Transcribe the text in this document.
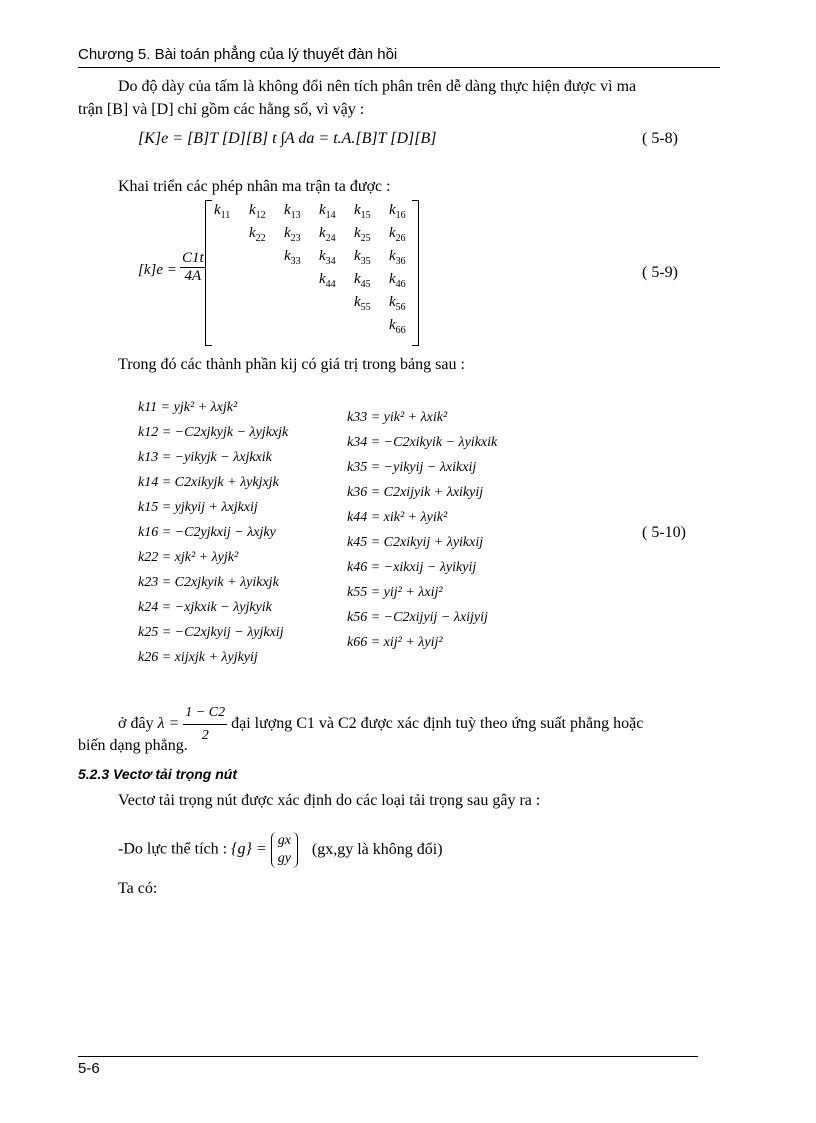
Chương 5. Bài toán phẳng của lý thuyết đàn hồi
Do độ dày của tấm là không đổi nên tích phân trên dễ dàng thực hiện được vì ma
trận [B] và [D] chỉ gồm các hằng số, vì vậy :
[K]e = [B]T [D][B] t ∫A da = t.A.[B]T [D][B]	( 5-8)
Khai triển các phép nhân ma trận ta được :
$[k]e = \frac{C1t}{4A}$
$k_{11}$ $k_{12}$ $k_{13}$ $k_{14}$ $k_{15}$ $k_{16}$
$k_{22}$ $k_{23}$ $k_{24}$ $k_{25}$ $k_{26}$
$k_{33}$ $k_{34}$ $k_{35}$ $k_{36}$
$k_{44}$ $k_{45}$ $k_{46}$
$k_{55}$ $k_{56}$
$k_{66}$
( 5-9)
Trong đó các thành phần kij có giá trị trong bảng sau :
k11 = yjk² + λxjk²
k12 = −C2xjkyjk − λyjkxjk
k13 = −yikyjk − λxjkxik
k14 = C2xikyjk + λykjxjk
k15 = yjkyij + λxjkxij
k16 = −C2yjkxij − λxjky
k22 = xjk² + λyjk²
k23 = C2xjkyik + λyikxjk
k24 = −xjkxik − λyjkyik
k25 = −C2xjkyij − λyjkxij
k26 = xijxjk + λyjkyij
k33 = yik² + λxik²
k34 = −C2xikyik − λyikxik
k35 = −yikyij − λxikxij
k36 = C2xijyik + λxikyij
k44 = xik² + λyik²
k45 = C2xikyij + λyikxij
k46 = −xikxij − λyikyij
k55 = yij² + λxij²
k56 = −C2xijyij − λxijyij
k66 = xij² + λyij²
( 5-10)
ở đây $\lambda = \frac{1 - C2}{2}$ đại lượng C1 và C2 được xác định tuỳ theo ứng suất phẳng hoặc
biến dạng phẳng.
5.2.3 Vectơ tải trọng nút
Vectơ tải trọng nút được xác định do các loại tải trọng sau gây ra :
-Do lực thể tích : {g} =
gx
gy
(gx,gy là không đổi)
Ta có:
5-6
